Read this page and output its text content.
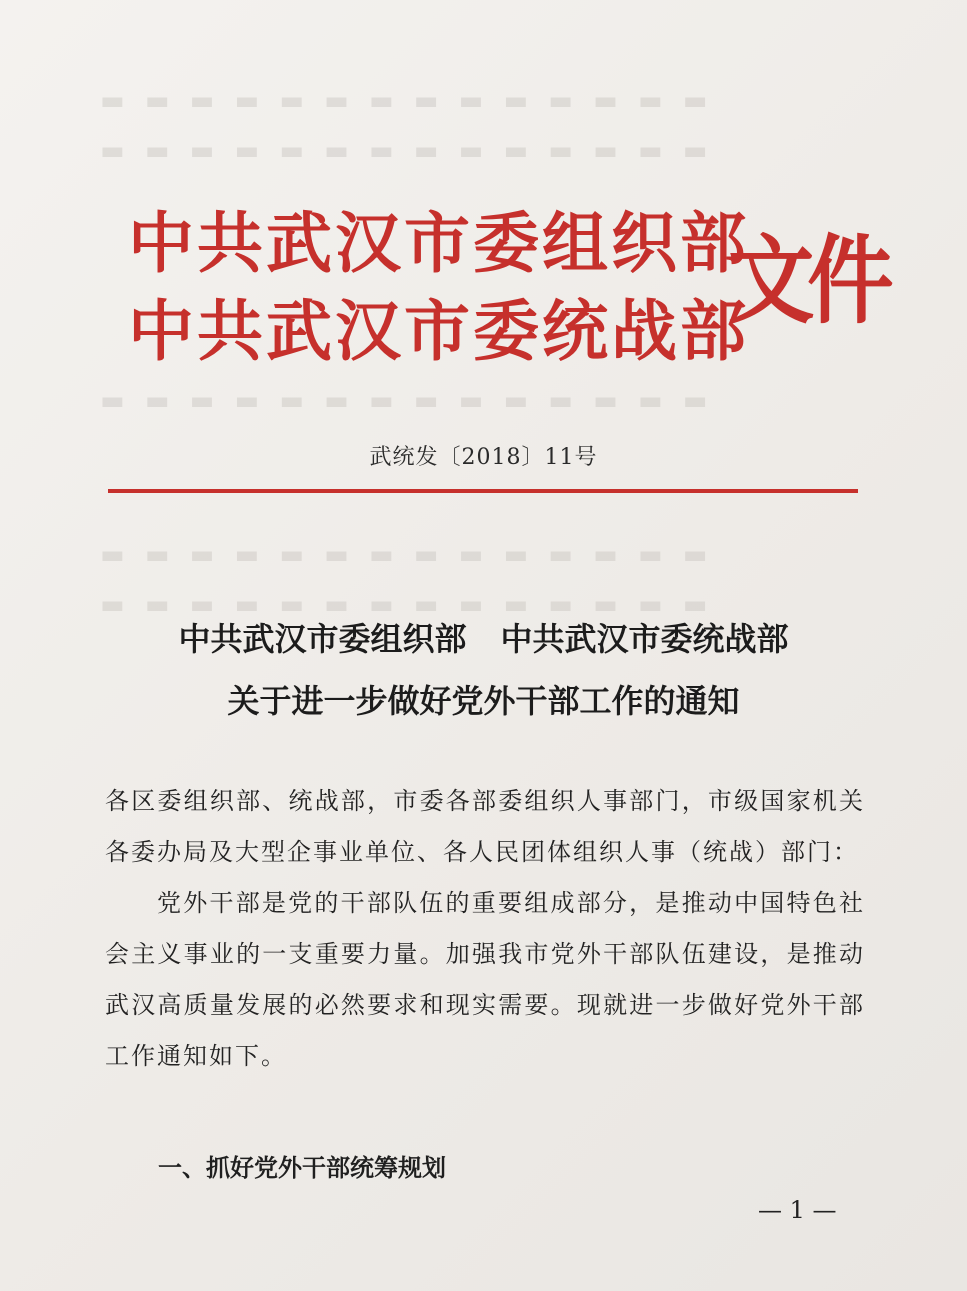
▬ ▬ ▬ ▬ ▬ ▬ ▬ ▬ ▬ ▬ ▬ ▬ ▬ ▬
▬ ▬ ▬ ▬ ▬ ▬ ▬ ▬ ▬ ▬ ▬ ▬ ▬ ▬
▬ ▬ ▬ ▬ ▬ ▬ ▬ ▬ ▬ ▬ ▬ ▬ ▬ ▬
▬ ▬ ▬ ▬ ▬ ▬ ▬ ▬ ▬ ▬ ▬ ▬ ▬ ▬
▬ ▬ ▬ ▬ ▬ ▬ ▬ ▬ ▬ ▬ ▬ ▬ ▬ ▬
中共武汉市委组织部
中共武汉市委统战部
文件
武统发〔2018〕11号
中共武汉市委组织部 中共武汉市委统战部
关于进一步做好党外干部工作的通知

各区委组织部、统战部，市委各部委组织人事部门，市级国家机关各委办局及大型企事业单位、各人民团体组织人事（统战）部门：

党外干部是党的干部队伍的重要组成部分，是推动中国特色社会主义事业的一支重要力量。加强我市党外干部队伍建设，是推动武汉高质量发展的必然要求和现实需要。现就进一步做好党外干部工作通知如下。

一、抓好党外干部统筹规划
— 1 —
